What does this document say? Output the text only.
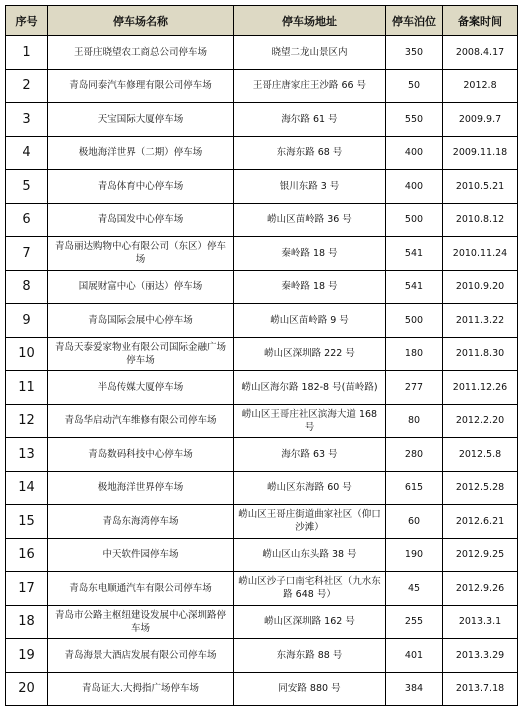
序号	停车场名称	停车场地址	停车泊位	备案时间
1	王哥庄晓望农工商总公司停车场	晓望二龙山景区内	350	2008.4.17
2	青岛同泰汽车修理有限公司停车场	王哥庄唐家庄王沙路 66 号	50	2012.8
3	天宝国际大厦停车场	海尔路 61 号	550	2009.9.7
4	极地海洋世界（二期）停车场	东海东路 68 号	400	2009.11.18
5	青岛体育中心停车场	银川东路 3 号	400	2010.5.21
6	青岛国发中心停车场	崂山区苗岭路 36 号	500	2010.8.12
7	青岛丽达购物中心有限公司（东区）停车场	秦岭路 18 号	541	2010.11.24
8	国展财富中心（丽达）停车场	秦岭路 18 号	541	2010.9.20
9	青岛国际会展中心停车场	崂山区苗岭路 9 号	500	2011.3.22
10	青岛天泰爱家物业有限公司国际金融广场停车场	崂山区深圳路 222 号	180	2011.8.30
11	半岛传媒大厦停车场	崂山区海尔路 182-8 号(苗岭路)	277	2011.12.26
12	青岛华启动汽车维修有限公司停车场	崂山区王哥庄社区滨海大道 168 号	80	2012.2.20
13	青岛数码科技中心停车场	海尔路 63 号	280	2012.5.8
14	极地海洋世界停车场	崂山区东海路 60 号	615	2012.5.28
15	青岛东海湾停车场	崂山区王哥庄街道曲家社区（仰口沙滩）	60	2012.6.21
16	中天软件园停车场	崂山区山东头路 38 号	190	2012.9.25
17	青岛东电顺通汽车有限公司停车场	崂山区沙子口南宅科社区（九水东路 648 号）	45	2012.9.26
18	青岛市公路主枢纽建设发展中心深圳路停车场	崂山区深圳路 162 号	255	2013.3.1
19	青岛海景大酒店发展有限公司停车场	东海东路 88 号	401	2013.3.29
20	青岛证大.大拇指广场停车场	同安路 880 号	384	2013.7.18
